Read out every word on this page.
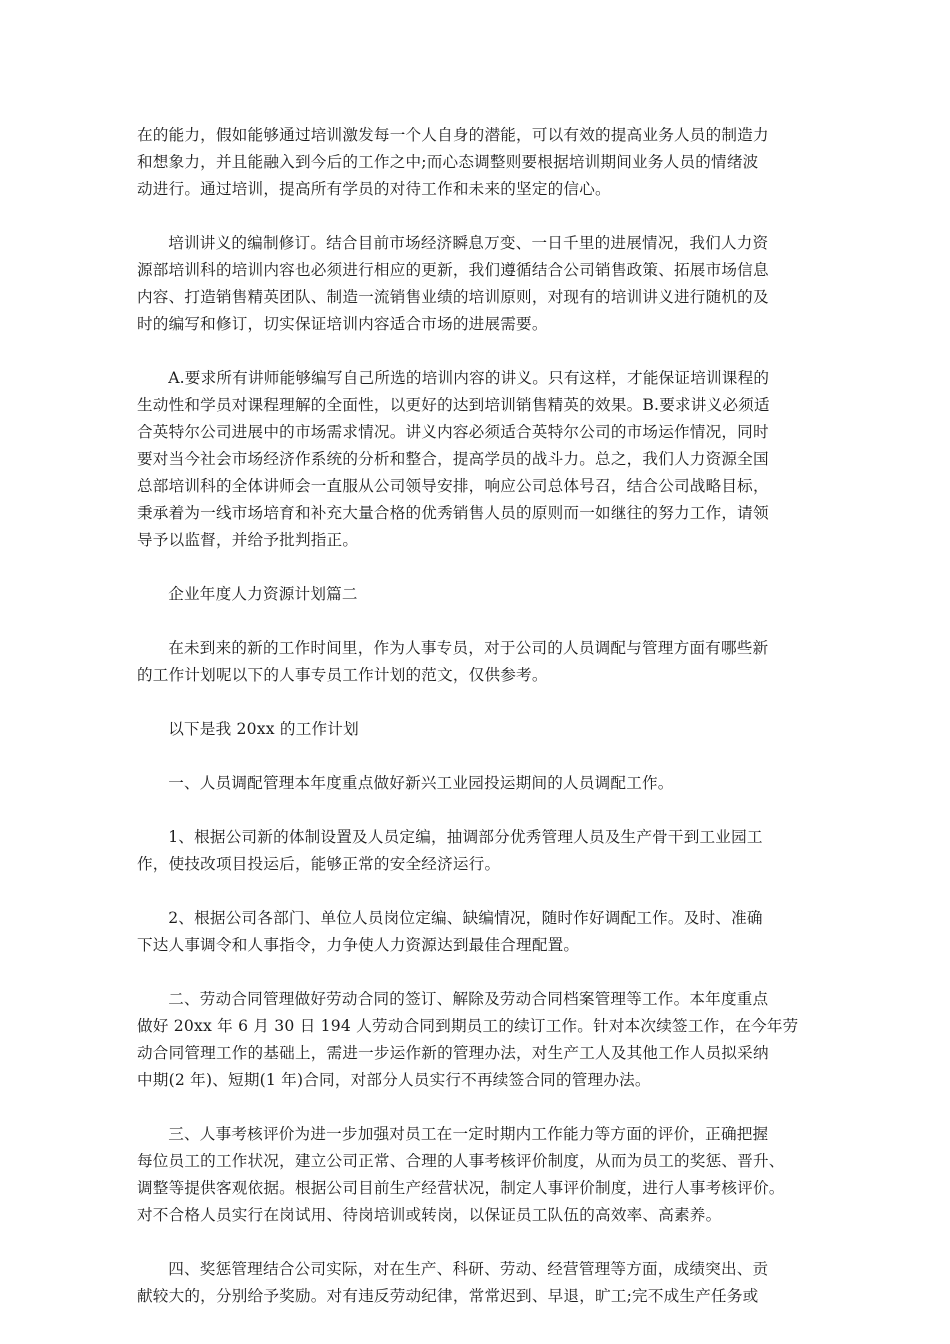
在的能力，假如能够通过培训激发每一个人自身的潜能，可以有效的提高业务人员的制造力
和想象力，并且能融入到今后的工作之中;而心态调整则要根据培训期间业务人员的情绪波
动进行。通过培训，提高所有学员的对待工作和未来的坚定的信心。

培训讲义的编制修订。结合目前市场经济瞬息万变、一日千里的进展情况，我们人力资
源部培训科的培训内容也必须进行相应的更新，我们遵循结合公司销售政策、拓展市场信息
内容、打造销售精英团队、制造一流销售业绩的培训原则，对现有的培训讲义进行随机的及
时的编写和修订，切实保证培训内容适合市场的进展需要。

A.要求所有讲师能够编写自己所选的培训内容的讲义。只有这样，才能保证培训课程的
生动性和学员对课程理解的全面性，以更好的达到培训销售精英的效果。B.要求讲义必须适
合英特尔公司进展中的市场需求情况。讲义内容必须适合英特尔公司的市场运作情况，同时
要对当今社会市场经济作系统的分析和整合，提高学员的战斗力。总之，我们人力资源全国
总部培训科的全体讲师会一直服从公司领导安排，响应公司总体号召，结合公司战略目标，
秉承着为一线市场培育和补充大量合格的优秀销售人员的原则而一如继往的努力工作，请领
导予以监督，并给予批判指正。

企业年度人力资源计划篇二

在未到来的新的工作时间里，作为人事专员，对于公司的人员调配与管理方面有哪些新
的工作计划呢以下的人事专员工作计划的范文，仅供参考。

以下是我 20xx 的工作计划

一、人员调配管理本年度重点做好新兴工业园投运期间的人员调配工作。

1、根据公司新的体制设置及人员定编，抽调部分优秀管理人员及生产骨干到工业园工
作，使技改项目投运后，能够正常的安全经济运行。

2、根据公司各部门、单位人员岗位定编、缺编情况，随时作好调配工作。及时、准确
下达人事调令和人事指令，力争使人力资源达到最佳合理配置。

二、劳动合同管理做好劳动合同的签订、解除及劳动合同档案管理等工作。本年度重点
做好 20xx 年 6 月 30 日 194 人劳动合同到期员工的续订工作。针对本次续签工作，在今年劳
动合同管理工作的基础上，需进一步运作新的管理办法，对生产工人及其他工作人员拟采纳
中期(2 年)、短期(1 年)合同，对部分人员实行不再续签合同的管理办法。

三、人事考核评价为进一步加强对员工在一定时期内工作能力等方面的评价，正确把握
每位员工的工作状况，建立公司正常、合理的人事考核评价制度，从而为员工的奖惩、晋升、
调整等提供客观依据。根据公司目前生产经营状况，制定人事评价制度，进行人事考核评价。
对不合格人员实行在岗试用、待岗培训或转岗，以保证员工队伍的高效率、高素养。

四、奖惩管理结合公司实际，对在生产、科研、劳动、经营管理等方面，成绩突出、贡
献较大的，分别给予奖励。对有违反劳动纪律，常常迟到、早退，旷工;完不成生产任务或
